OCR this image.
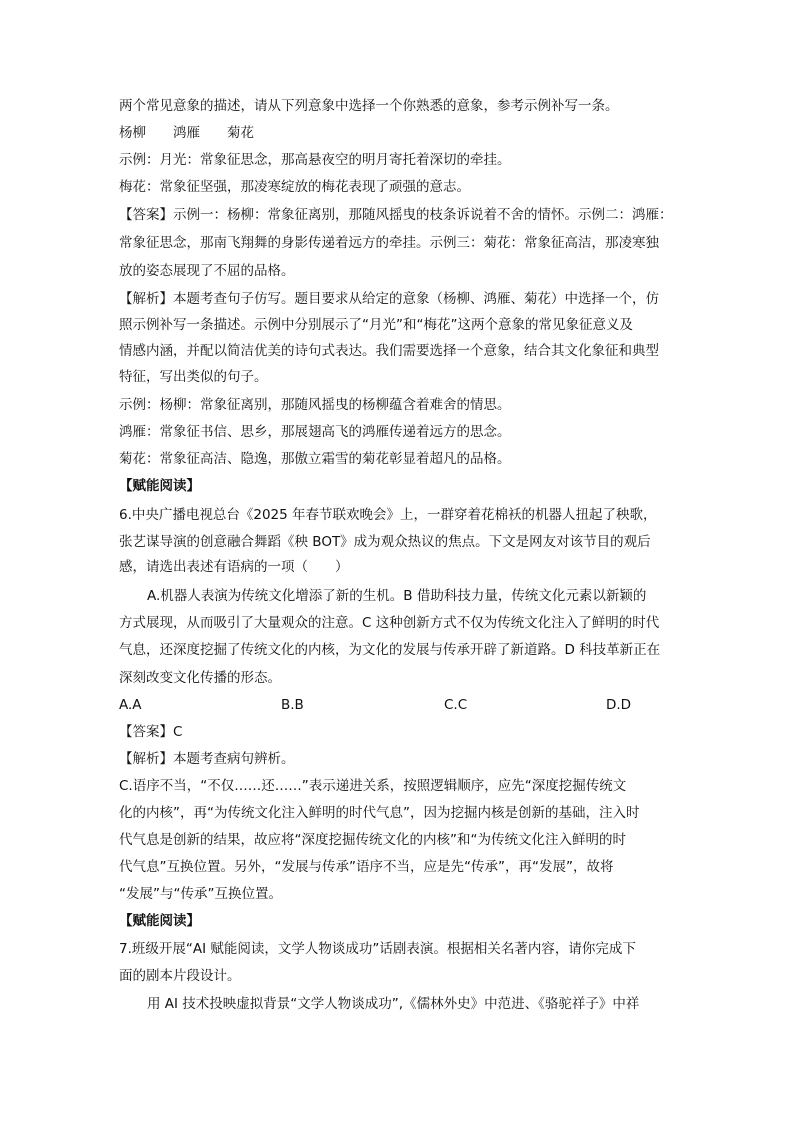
两个常见意象的描述，请从下列意象中选择一个你熟悉的意象，参考示例补写一条。
杨柳　　鸿雁　　菊花
示例：月光：常象征思念，那高悬夜空的明月寄托着深切的牵挂。
梅花：常象征坚强，那凌寒绽放的梅花表现了顽强的意志。
【答案】示例一：杨柳：常象征离别，那随风摇曳的枝条诉说着不舍的情怀。示例二：鸿雁：
常象征思念，那南飞翔舞的身影传递着远方的牵挂。示例三：菊花：常象征高洁，那凌寒独
放的姿态展现了不屈的品格。
【解析】本题考查句子仿写。题目要求从给定的意象（杨柳、鸿雁、菊花）中选择一个，仿
照示例补写一条描述。示例中分别展示了“月光”和“梅花”这两个意象的常见象征意义及
情感内涵，并配以简洁优美的诗句式表达。我们需要选择一个意象，结合其文化象征和典型
特征，写出类似的句子。
示例：杨柳：常象征离别，那随风摇曳的杨柳蕴含着难舍的情思。
鸿雁：常象征书信、思乡，那展翅高飞的鸿雁传递着远方的思念。
菊花：常象征高洁、隐逸，那傲立霜雪的菊花彰显着超凡的品格。
【赋能阅读】
6.中央广播电视总台《2025 年春节联欢晚会》上，一群穿着花棉袄的机器人扭起了秧歌，
张艺谋导演的创意融合舞蹈《秧 BOT》成为观众热议的焦点。下文是网友对该节目的观后
感，请选出表述有语病的一项（　　）
A.机器人表演为传统文化增添了新的生机。B 借助科技力量，传统文化元素以新颖的
方式展现，从而吸引了大量观众的注意。C 这种创新方式不仅为传统文化注入了鲜明的时代
气息，还深度挖掘了传统文化的内核，为文化的发展与传承开辟了新道路。D 科技革新正在
深刻改变文化传播的形态。
A.A	B.B	C.C	D.D
【答案】C
【解析】本题考查病句辨析。
C.语序不当，“不仅……还……”表示递进关系，按照逻辑顺序，应先“深度挖掘传统文
化的内核”，再“为传统文化注入鲜明的时代气息”，因为挖掘内核是创新的基础，注入时
代气息是创新的结果，故应将“深度挖掘传统文化的内核”和“为传统文化注入鲜明的时
代气息”互换位置。另外，“发展与传承”语序不当，应是先“传承”，再“发展”，故将
“发展”与“传承”互换位置。
【赋能阅读】
7.班级开展“AI 赋能阅读，文学人物谈成功”话剧表演。根据相关名著内容，请你完成下
面的剧本片段设计。
用 AI 技术投映虚拟背景“文学人物谈成功”,《儒林外史》中范进、《骆驼祥子》中祥
